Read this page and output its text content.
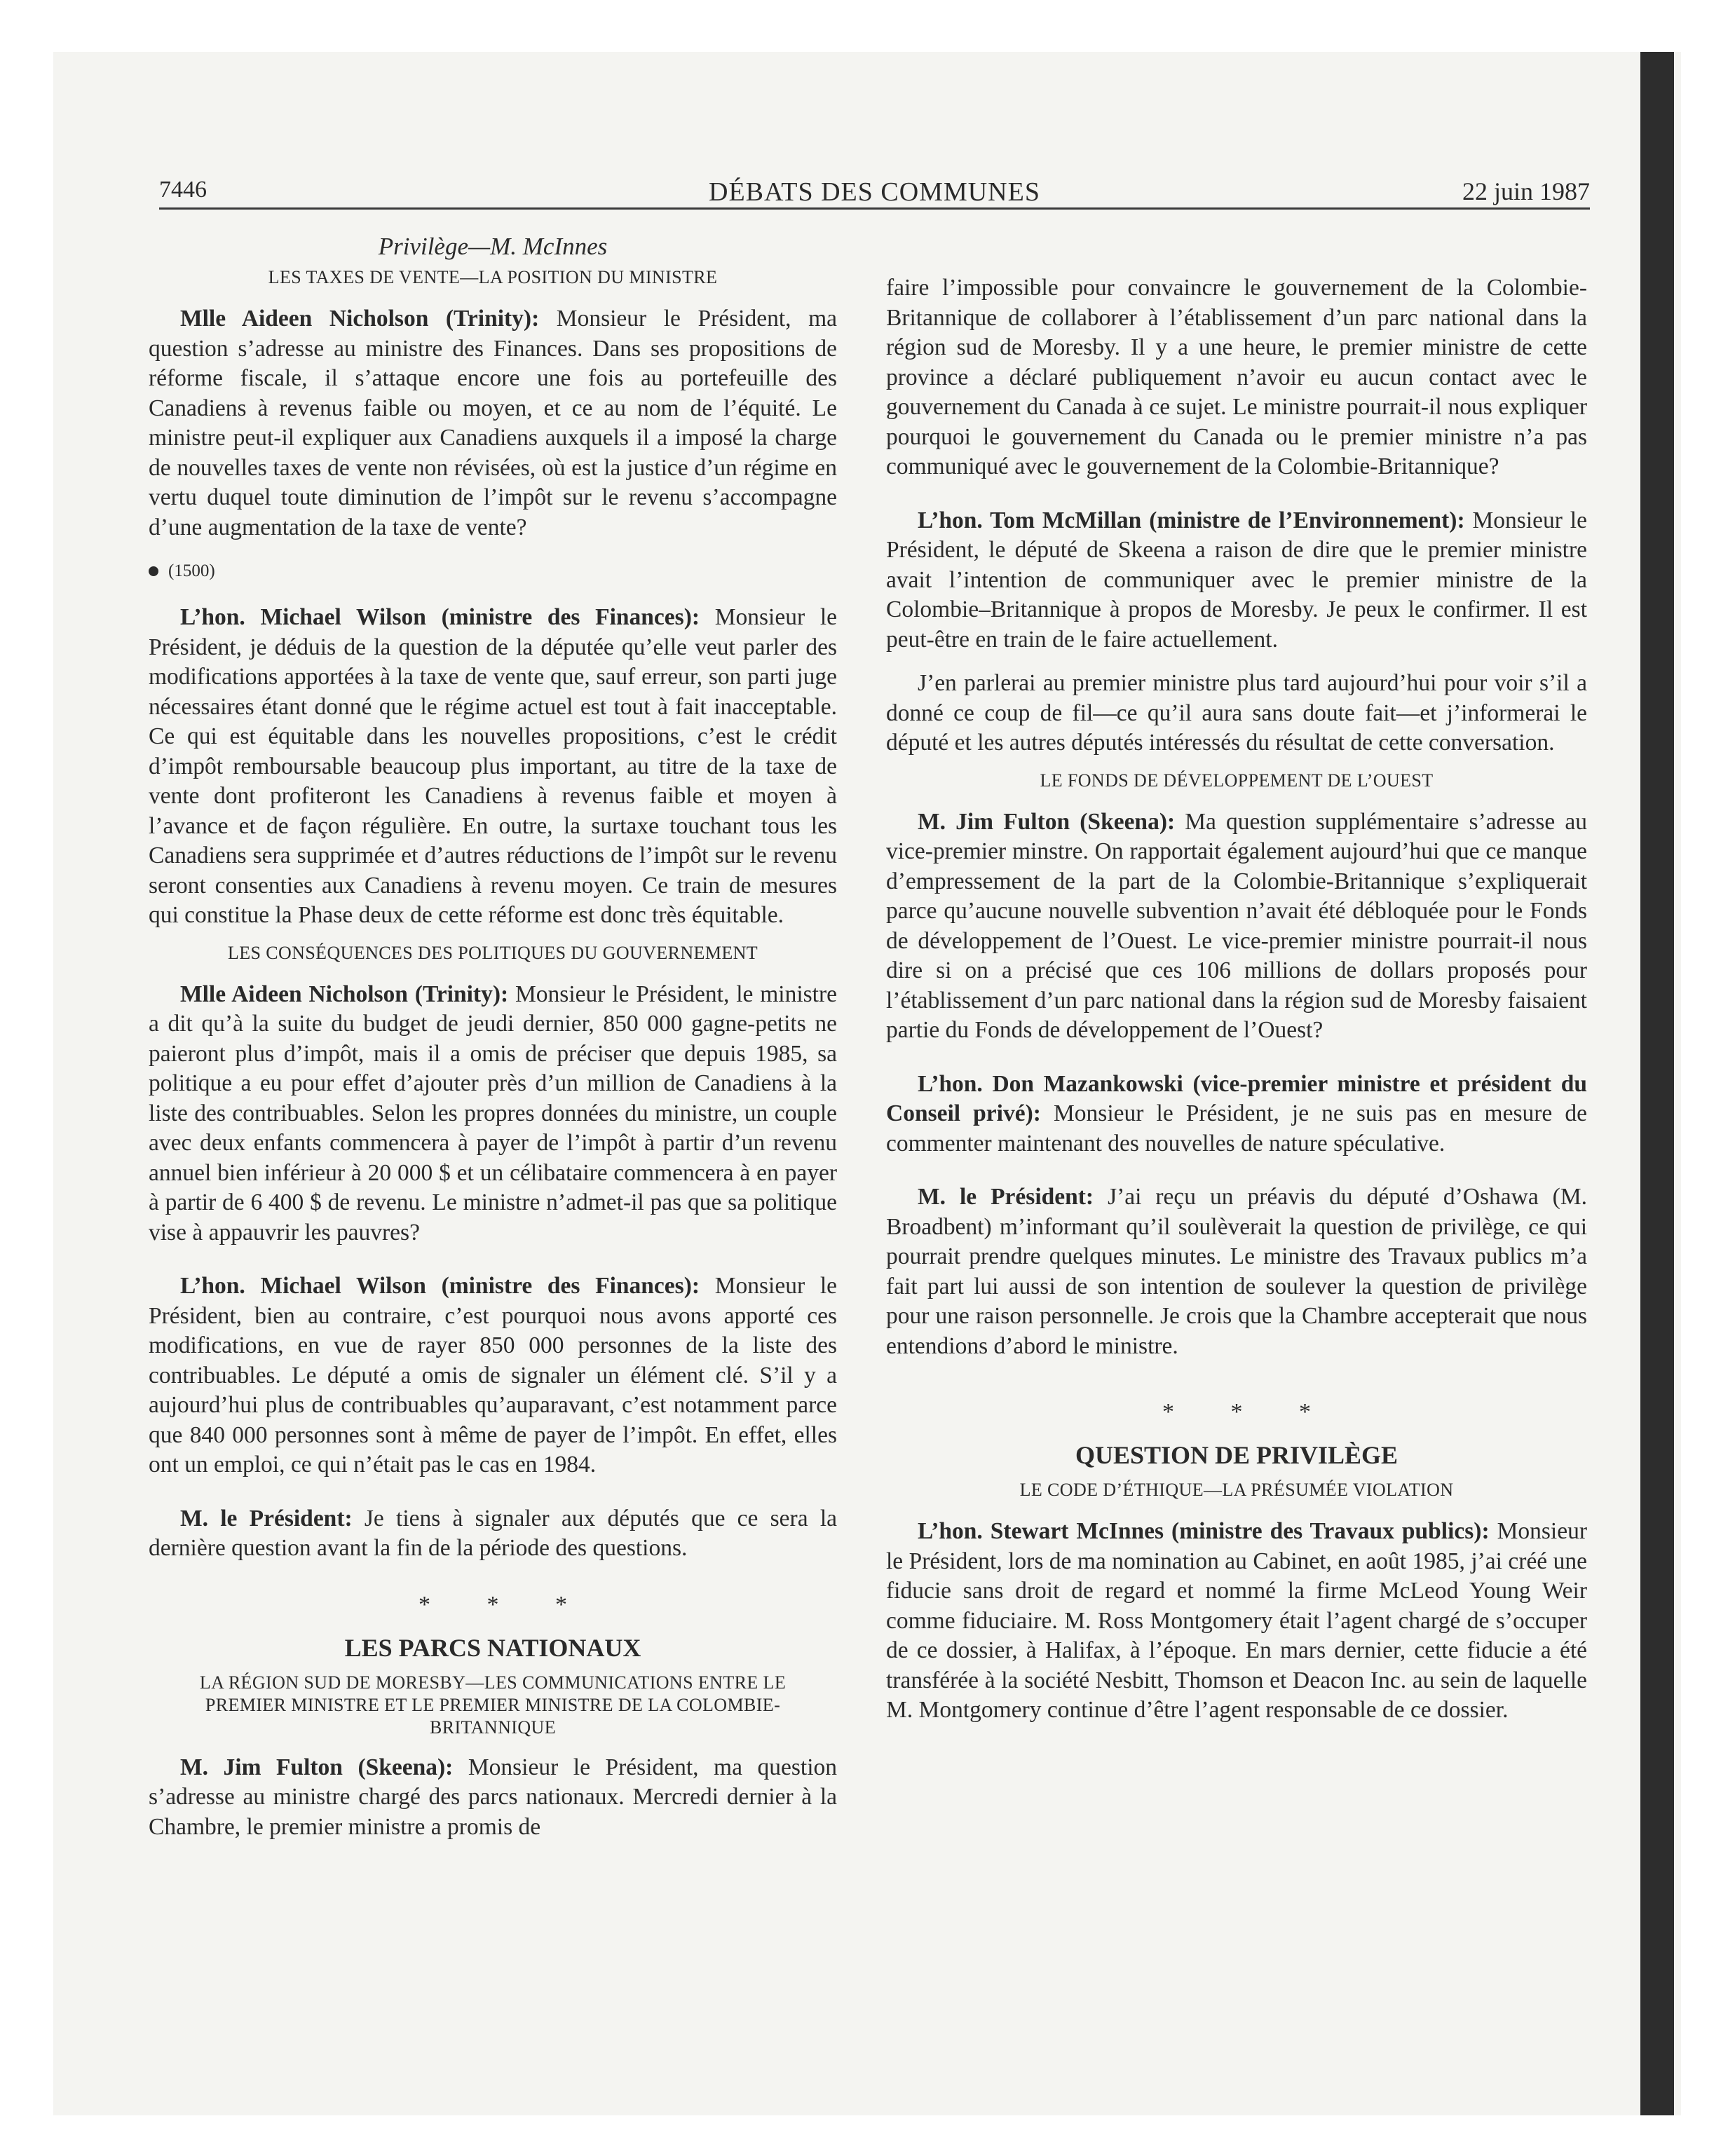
7446	DÉBATS DES COMMUNES	22 juin 1987
Privilège—M. McInnes
LES TAXES DE VENTE—LA POSITION DU MINISTRE

Mlle Aideen Nicholson (Trinity): Monsieur le Président, ma question s’adresse au ministre des Finances. Dans ses propositions de réforme fiscale, il s’attaque encore une fois au portefeuille des Canadiens à revenus faible ou moyen, et ce au nom de l’équité. Le ministre peut-il expliquer aux Canadiens auxquels il a imposé la charge de nouvelles taxes de vente non révisées, où est la justice d’un régime en vertu duquel toute diminution de l’impôt sur le revenu s’accompagne d’une augmentation de la taxe de vente?

(1500)

L’hon. Michael Wilson (ministre des Finances): Monsieur le Président, je déduis de la question de la députée qu’elle veut parler des modifications apportées à la taxe de vente que, sauf erreur, son parti juge nécessaires étant donné que le régime actuel est tout à fait inacceptable. Ce qui est équitable dans les nouvelles propositions, c’est le crédit d’impôt remboursable beaucoup plus important, au titre de la taxe de vente dont profiteront les Canadiens à revenus faible et moyen à l’avance et de façon régulière. En outre, la surtaxe touchant tous les Canadiens sera supprimée et d’autres réductions de l’impôt sur le revenu seront consenties aux Canadiens à revenu moyen. Ce train de mesures qui constitue la Phase deux de cette réforme est donc très équitable.

LES CONSÉQUENCES DES POLITIQUES DU GOUVERNEMENT

Mlle Aideen Nicholson (Trinity): Monsieur le Président, le ministre a dit qu’à la suite du budget de jeudi dernier, 850 000 gagne-petits ne paieront plus d’impôt, mais il a omis de préciser que depuis 1985, sa politique a eu pour effet d’ajouter près d’un million de Canadiens à la liste des contribuables. Selon les propres données du ministre, un couple avec deux enfants commencera à payer de l’impôt à partir d’un revenu annuel bien inférieur à 20 000 $ et un célibataire commencera à en payer à partir de 6 400 $ de revenu. Le ministre n’admet-il pas que sa politique vise à appauvrir les pauvres?

L’hon. Michael Wilson (ministre des Finances): Monsieur le Président, bien au contraire, c’est pourquoi nous avons apporté ces modifications, en vue de rayer 850 000 personnes de la liste des contribuables. Le député a omis de signaler un élément clé. S’il y a aujourd’hui plus de contribuables qu’auparavant, c’est notamment parce que 840 000 personnes sont à même de payer de l’impôt. En effet, elles ont un emploi, ce qui n’était pas le cas en 1984.

M. le Président: Je tiens à signaler aux députés que ce sera la dernière question avant la fin de la période des questions.

* * *
LES PARCS NATIONAUX
LA RÉGION SUD DE MORESBY—LES COMMUNICATIONS ENTRE LE PREMIER MINISTRE ET LE PREMIER MINISTRE DE LA COLOMBIE-BRITANNIQUE

M. Jim Fulton (Skeena): Monsieur le Président, ma question s’adresse au ministre chargé des parcs nationaux. Mercredi dernier à la Chambre, le premier ministre a promis de

faire l’impossible pour convaincre le gouvernement de la Colombie-Britannique de collaborer à l’établissement d’un parc national dans la région sud de Moresby. Il y a une heure, le premier ministre de cette province a déclaré publiquement n’avoir eu aucun contact avec le gouvernement du Canada à ce sujet. Le ministre pourrait-il nous expliquer pourquoi le gouvernement du Canada ou le premier ministre n’a pas communiqué avec le gouvernement de la Colombie-Britannique?

L’hon. Tom McMillan (ministre de l’Environnement): Monsieur le Président, le député de Skeena a raison de dire que le premier ministre avait l’intention de communiquer avec le premier ministre de la Colombie–Britannique à propos de Moresby. Je peux le confirmer. Il est peut-être en train de le faire actuellement.

J’en parlerai au premier ministre plus tard aujourd’hui pour voir s’il a donné ce coup de fil—ce qu’il aura sans doute fait—et j’informerai le député et les autres députés intéressés du résultat de cette conversation.

LE FONDS DE DÉVELOPPEMENT DE L’OUEST

M. Jim Fulton (Skeena): Ma question supplémentaire s’adresse au vice-premier minstre. On rapportait également aujourd’hui que ce manque d’empressement de la part de la Colombie-Britannique s’expliquerait parce qu’aucune nouvelle subvention n’avait été débloquée pour le Fonds de développement de l’Ouest. Le vice-premier ministre pourrait-il nous dire si on a précisé que ces 106 millions de dollars proposés pour l’établissement d’un parc national dans la région sud de Moresby faisaient partie du Fonds de développement de l’Ouest?

L’hon. Don Mazankowski (vice-premier ministre et président du Conseil privé): Monsieur le Président, je ne suis pas en mesure de commenter maintenant des nouvelles de nature spéculative.

M. le Président: J’ai reçu un préavis du député d’Oshawa (M. Broadbent) m’informant qu’il soulèverait la question de privilège, ce qui pourrait prendre quelques minutes. Le ministre des Travaux publics m’a fait part lui aussi de son intention de soulever la question de privilège pour une raison personnelle. Je crois que la Chambre accepterait que nous entendions d’abord le ministre.

* * *
QUESTION DE PRIVILÈGE
LE CODE D’ÉTHIQUE—LA PRÉSUMÉE VIOLATION

L’hon. Stewart McInnes (ministre des Travaux publics): Monsieur le Président, lors de ma nomination au Cabinet, en août 1985, j’ai créé une fiducie sans droit de regard et nommé la firme McLeod Young Weir comme fiduciaire. M. Ross Montgomery était l’agent chargé de s’occuper de ce dossier, à Halifax, à l’époque. En mars dernier, cette fiducie a été transférée à la société Nesbitt, Thomson et Deacon Inc. au sein de laquelle M. Montgomery continue d’être l’agent responsable de ce dossier.
